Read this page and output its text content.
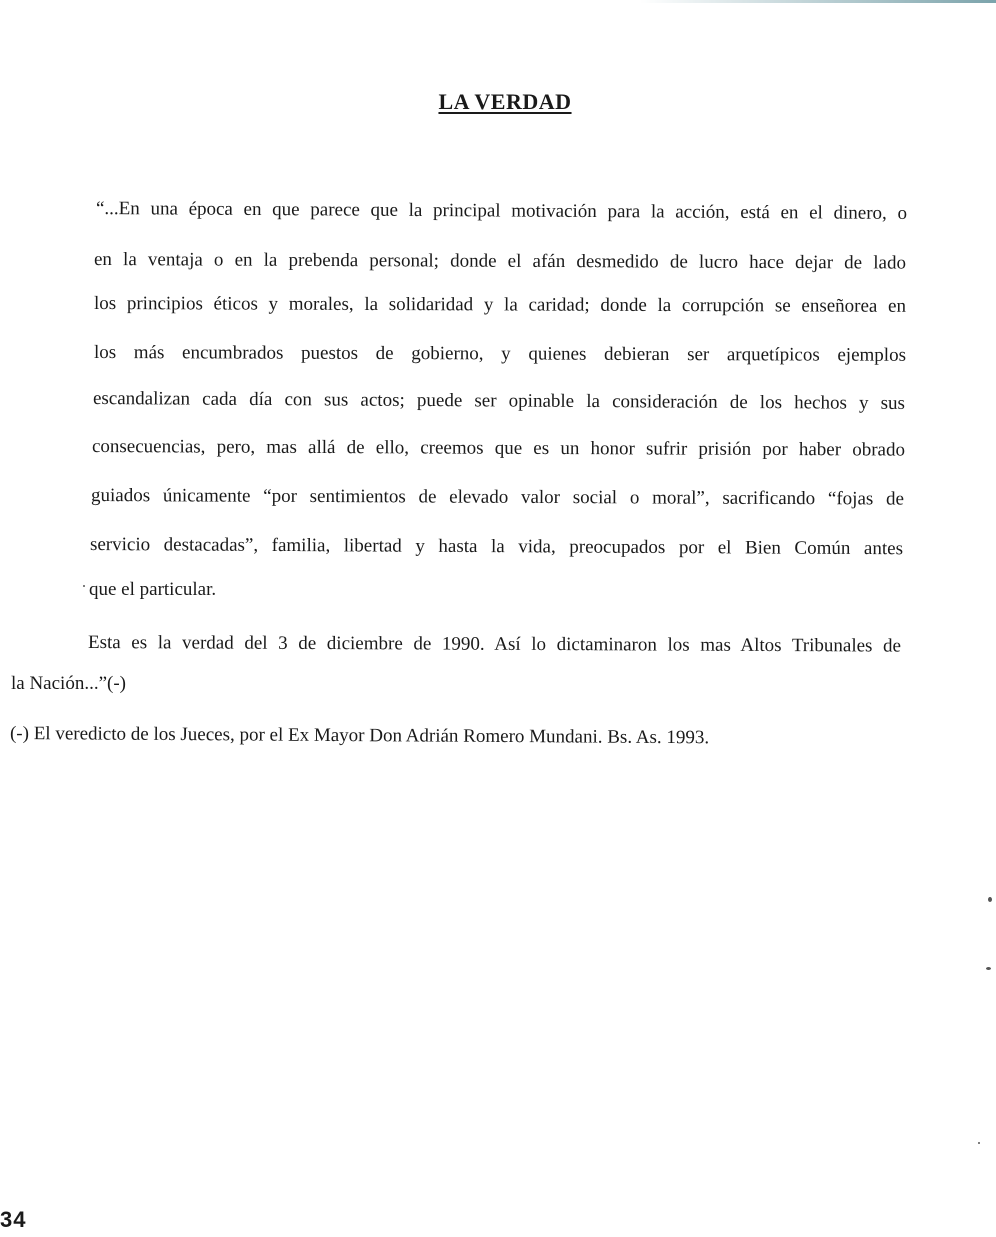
LA VERDAD
“...En una época en que parece que la principal motivación para la acción, está en el dinero, o
en la ventaja o en la prebenda personal; donde el afán desmedido de lucro hace dejar de lado
los principios éticos y morales, la solidaridad y la caridad; donde la corrupción se enseñorea en
los más encumbrados puestos de gobierno, y quienes debieran ser arquetípicos ejemplos
escandalizan cada día con sus actos; puede ser opinable la consideración de los hechos y sus
consecuencias, pero, mas allá de ello, creemos que es un honor sufrir prisión por haber obrado
guiados únicamente “por sentimientos de elevado valor social o moral”, sacrificando “fojas de
servicio destacadas”, familia, libertad y hasta la vida, preocupados por el Bien Común antes
que el particular.
Esta es la verdad del 3 de diciembre de 1990. Así lo dictaminaron los mas Altos Tribunales de
la Nación...”(-)
(-) El veredicto de los Jueces, por el Ex Mayor Don Adrián Romero Mundani. Bs. As. 1993.
34
